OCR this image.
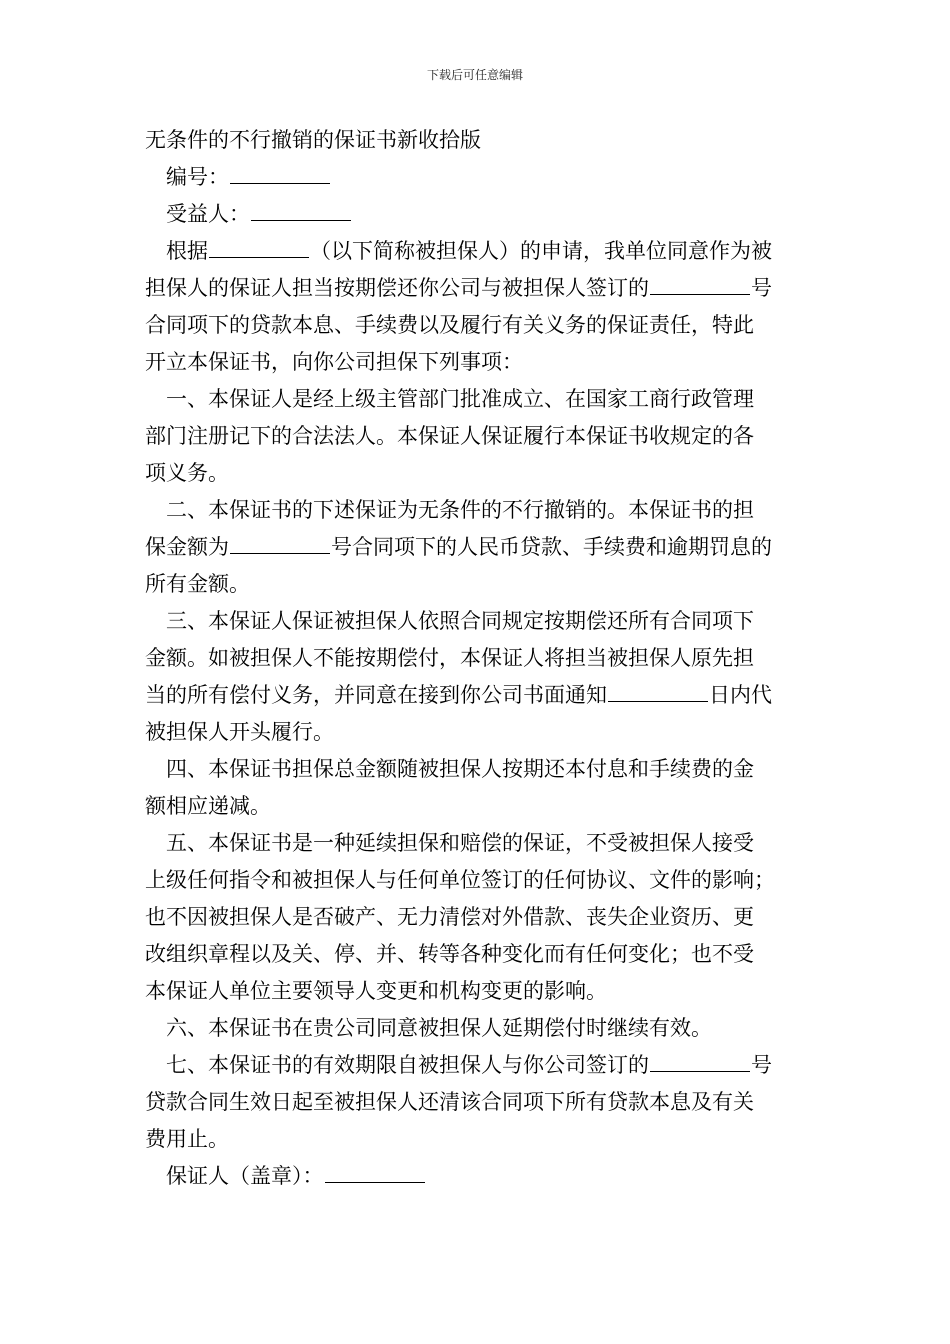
下载后可任意编辑
无条件的不行撤销的保证书新收拾版
编号：
受益人：
根据	（以下简称被担保人）的申请，我单位同意作为被
担保人的保证人担当按期偿还你公司与被担保人签订的	号
合同项下的贷款本息、手续费以及履行有关义务的保证责任，特此
开立本保证书，向你公司担保下列事项：
一、本保证人是经上级主管部门批准成立、在国家工商行政管理
部门注册记下的合法法人。本保证人保证履行本保证书收规定的各
项义务。
二、本保证书的下述保证为无条件的不行撤销的。本保证书的担
保金额为	号合同项下的人民币贷款、手续费和逾期罚息的
所有金额。
三、本保证人保证被担保人依照合同规定按期偿还所有合同项下
金额。如被担保人不能按期偿付，本保证人将担当被担保人原先担
当的所有偿付义务，并同意在接到你公司书面通知	日内代
被担保人开头履行。
四、本保证书担保总金额随被担保人按期还本付息和手续费的金
额相应递减。
五、本保证书是一种延续担保和赔偿的保证，不受被担保人接受
上级任何指令和被担保人与任何单位签订的任何协议、文件的影响；
也不因被担保人是否破产、无力清偿对外借款、丧失企业资历、更
改组织章程以及关、停、并、转等各种变化而有任何变化；也不受
本保证人单位主要领导人变更和机构变更的影响。
六、本保证书在贵公司同意被担保人延期偿付时继续有效。
七、本保证书的有效期限自被担保人与你公司签订的	号
贷款合同生效日起至被担保人还清该合同项下所有贷款本息及有关
费用止。
保证人（盖章）：
